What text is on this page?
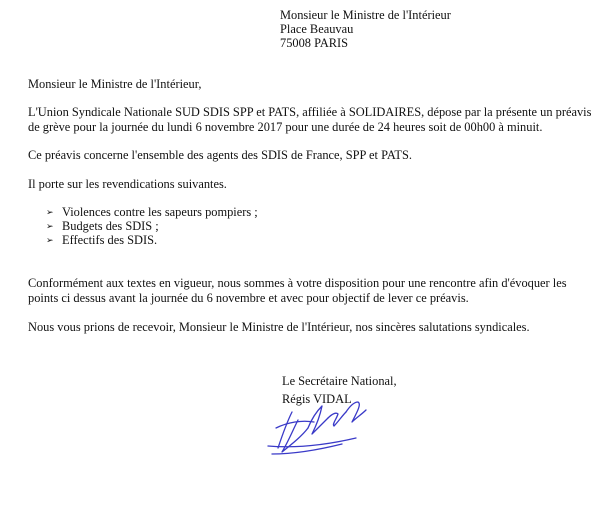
Monsieur le Ministre de l'Intérieur
Place Beauvau
75008 PARIS
Monsieur le Ministre de l'Intérieur,
L'Union Syndicale Nationale SUD SDIS SPP et PATS, affiliée à SOLIDAIRES, dépose par la présente un préavis
de grève pour la journée du lundi 6 novembre 2017 pour une durée de 24 heures soit de 00h00 à minuit.
Ce préavis concerne l'ensemble des agents des SDIS de France, SPP et PATS.
Il porte sur les revendications suivantes.
➢ Violences contre les sapeurs pompiers ;
➢ Budgets des SDIS ;
➢ Effectifs des SDIS.
Conformément aux textes en vigueur, nous sommes à votre disposition pour une rencontre afin d'évoquer les
points ci dessus avant la journée du 6 novembre et avec pour objectif de lever ce préavis.
Nous vous prions de recevoir, Monsieur le Ministre de l'Intérieur, nos sincères salutations syndicales.
Le Secrétaire National,
Régis VIDAL
